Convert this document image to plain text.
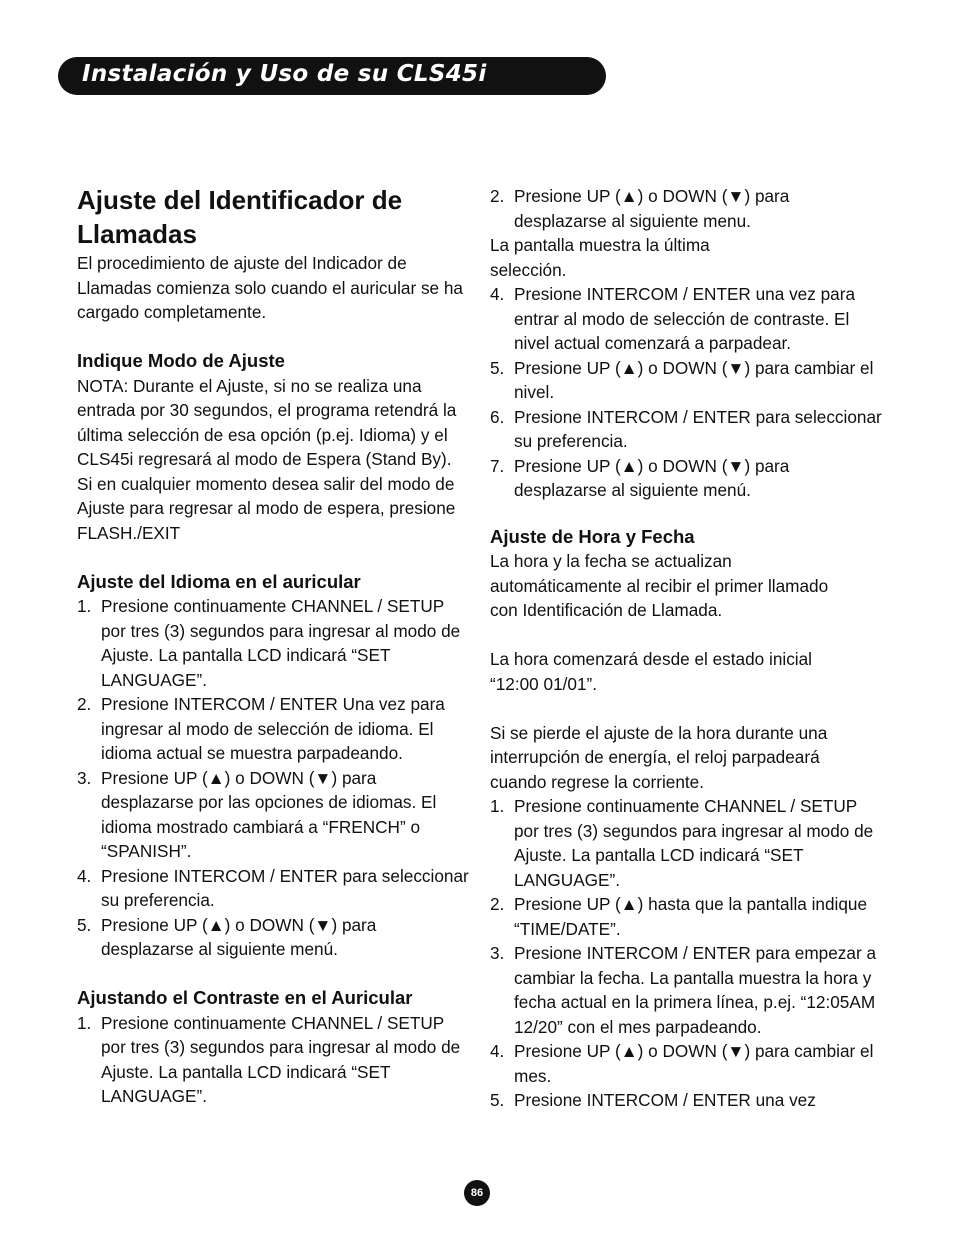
Instalación y Uso de su CLS45i
Ajuste del Identificador de Llamadas

El procedimiento de ajuste del Indicador de Llamadas comienza solo cuando el auricular se ha cargado completamente.

Indique Modo de Ajuste

NOTA: Durante el Ajuste, si no se realiza una entrada por 30 segundos, el programa retendrá la última selección de esa opción (p.ej. Idioma) y el CLS45i regresará al modo de Espera (Stand By). Si en cualquier momento desea salir del modo de Ajuste para regresar al modo de espera, presione FLASH./EXIT

Ajuste del Idioma en el auricular
1. Presione continuamente CHANNEL / SETUP por tres (3) segundos para ingresar al modo de Ajuste. La pantalla LCD indicará “SET LANGUAGE”.
2. Presione INTERCOM / ENTER Una vez para ingresar al modo de selección de idioma. El idioma actual se muestra parpadeando.
3. Presione UP (▲) o DOWN (▼) para desplazarse por las opciones de idiomas. El idioma mostrado cambiará a “FRENCH” o “SPANISH”.
4. Presione INTERCOM / ENTER para seleccionar su preferencia.
5. Presione UP (▲) o DOWN (▼) para desplazarse al siguiente menú.
Ajustando el Contraste en el Auricular
1. Presione continuamente CHANNEL / SETUP por tres (3) segundos para ingresar al modo de Ajuste. La pantalla LCD indicará “SET LANGUAGE”.
2. Presione UP (▲) o DOWN (▼) para desplazarse al siguiente menu.

La pantalla muestra la última selección.

4. Presione INTERCOM / ENTER una vez para entrar al modo de selección de contraste. El nivel actual comenzará a parpadear.
5. Presione UP (▲) o DOWN (▼) para cambiar el nivel.
6. Presione INTERCOM / ENTER para seleccionar su preferencia.
7. Presione UP (▲) o DOWN (▼) para desplazarse al siguiente menú.
Ajuste de Hora y Fecha

La hora y la fecha se actualizan automáticamente al recibir el primer llamado con Identificación de Llamada.

La hora comenzará desde el estado inicial “12:00 01/01”.

Si se pierde el ajuste de la hora durante una interrupción de energía, el reloj parpadeará cuando regrese la corriente.

1. Presione continuamente CHANNEL / SETUP por tres (3) segundos para ingresar al modo de Ajuste. La pantalla LCD indicará “SET LANGUAGE”.
2. Presione UP (▲) hasta que la pantalla indique “TIME/DATE”.
3. Presione INTERCOM / ENTER para empezar a cambiar la fecha. La pantalla muestra la hora y fecha actual en la primera línea, p.ej. “12:05AM 12/20” con el mes parpadeando.
4. Presione UP (▲) o DOWN (▼) para cambiar el mes.
5. Presione INTERCOM / ENTER una vez
86
